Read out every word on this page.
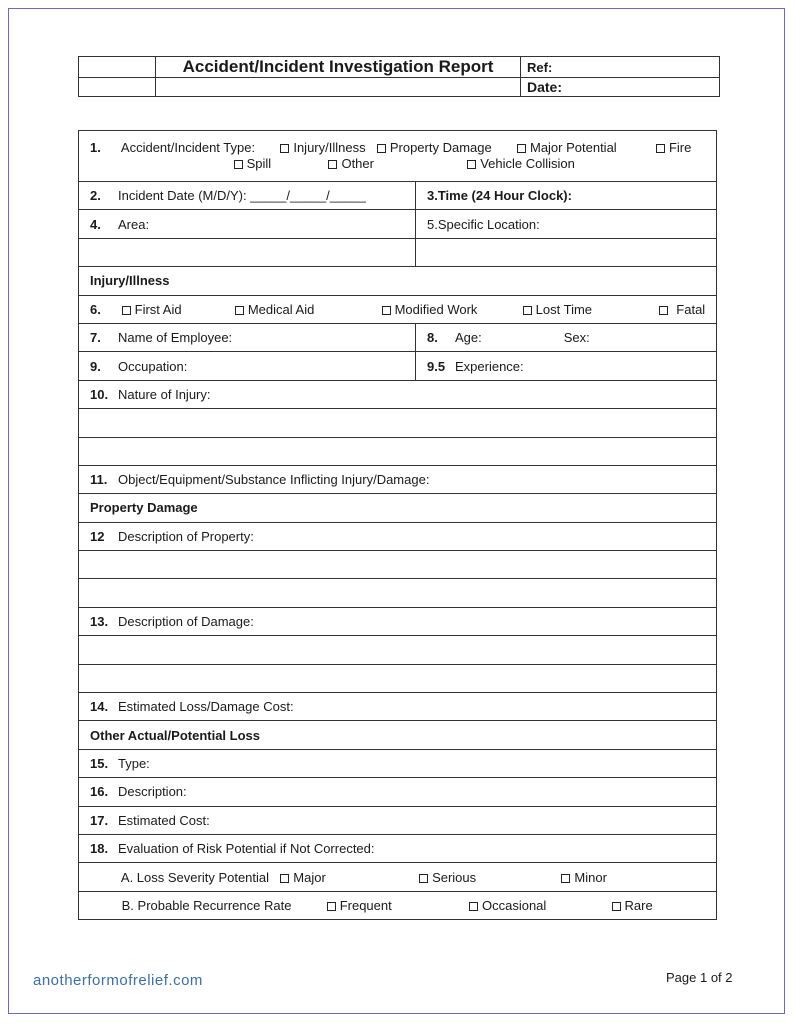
	Accident/Incident Investigation Report	Ref:
		Date:
1. Accident/Incident Type: Injury/Illness Property Damage Major Potential Fire
Spill Other Vehicle Collision	

2. Incident Date (M/D/Y): _____/_____/_____	3.Time (24 Hour Clock):
4. Area:	5.Specific Location:

Injury/Illness	
6. First Aid Medical Aid Modified Work Lost Time Fatal	
7. Name of Employee:	8. Age: Sex:
9. Occupation:	9.5 Experience:
10. Nature of Injury:	

11. Object/Equipment/Substance Inflicting Injury/Damage:	
Property Damage	
12 Description of Property:	

13. Description of Damage:	

14. Estimated Loss/Damage Cost:	
Other Actual/Potential Loss	
15. Type:	
16. Description:	
17. Estimated Cost:	
18. Evaluation of Risk Potential if Not Corrected:	
A. Loss Severity Potential Major Serious Minor	
B. Probable Recurrence Rate Frequent Occasional Rare	
anotherformofrelief.com	Page 1 of 2
